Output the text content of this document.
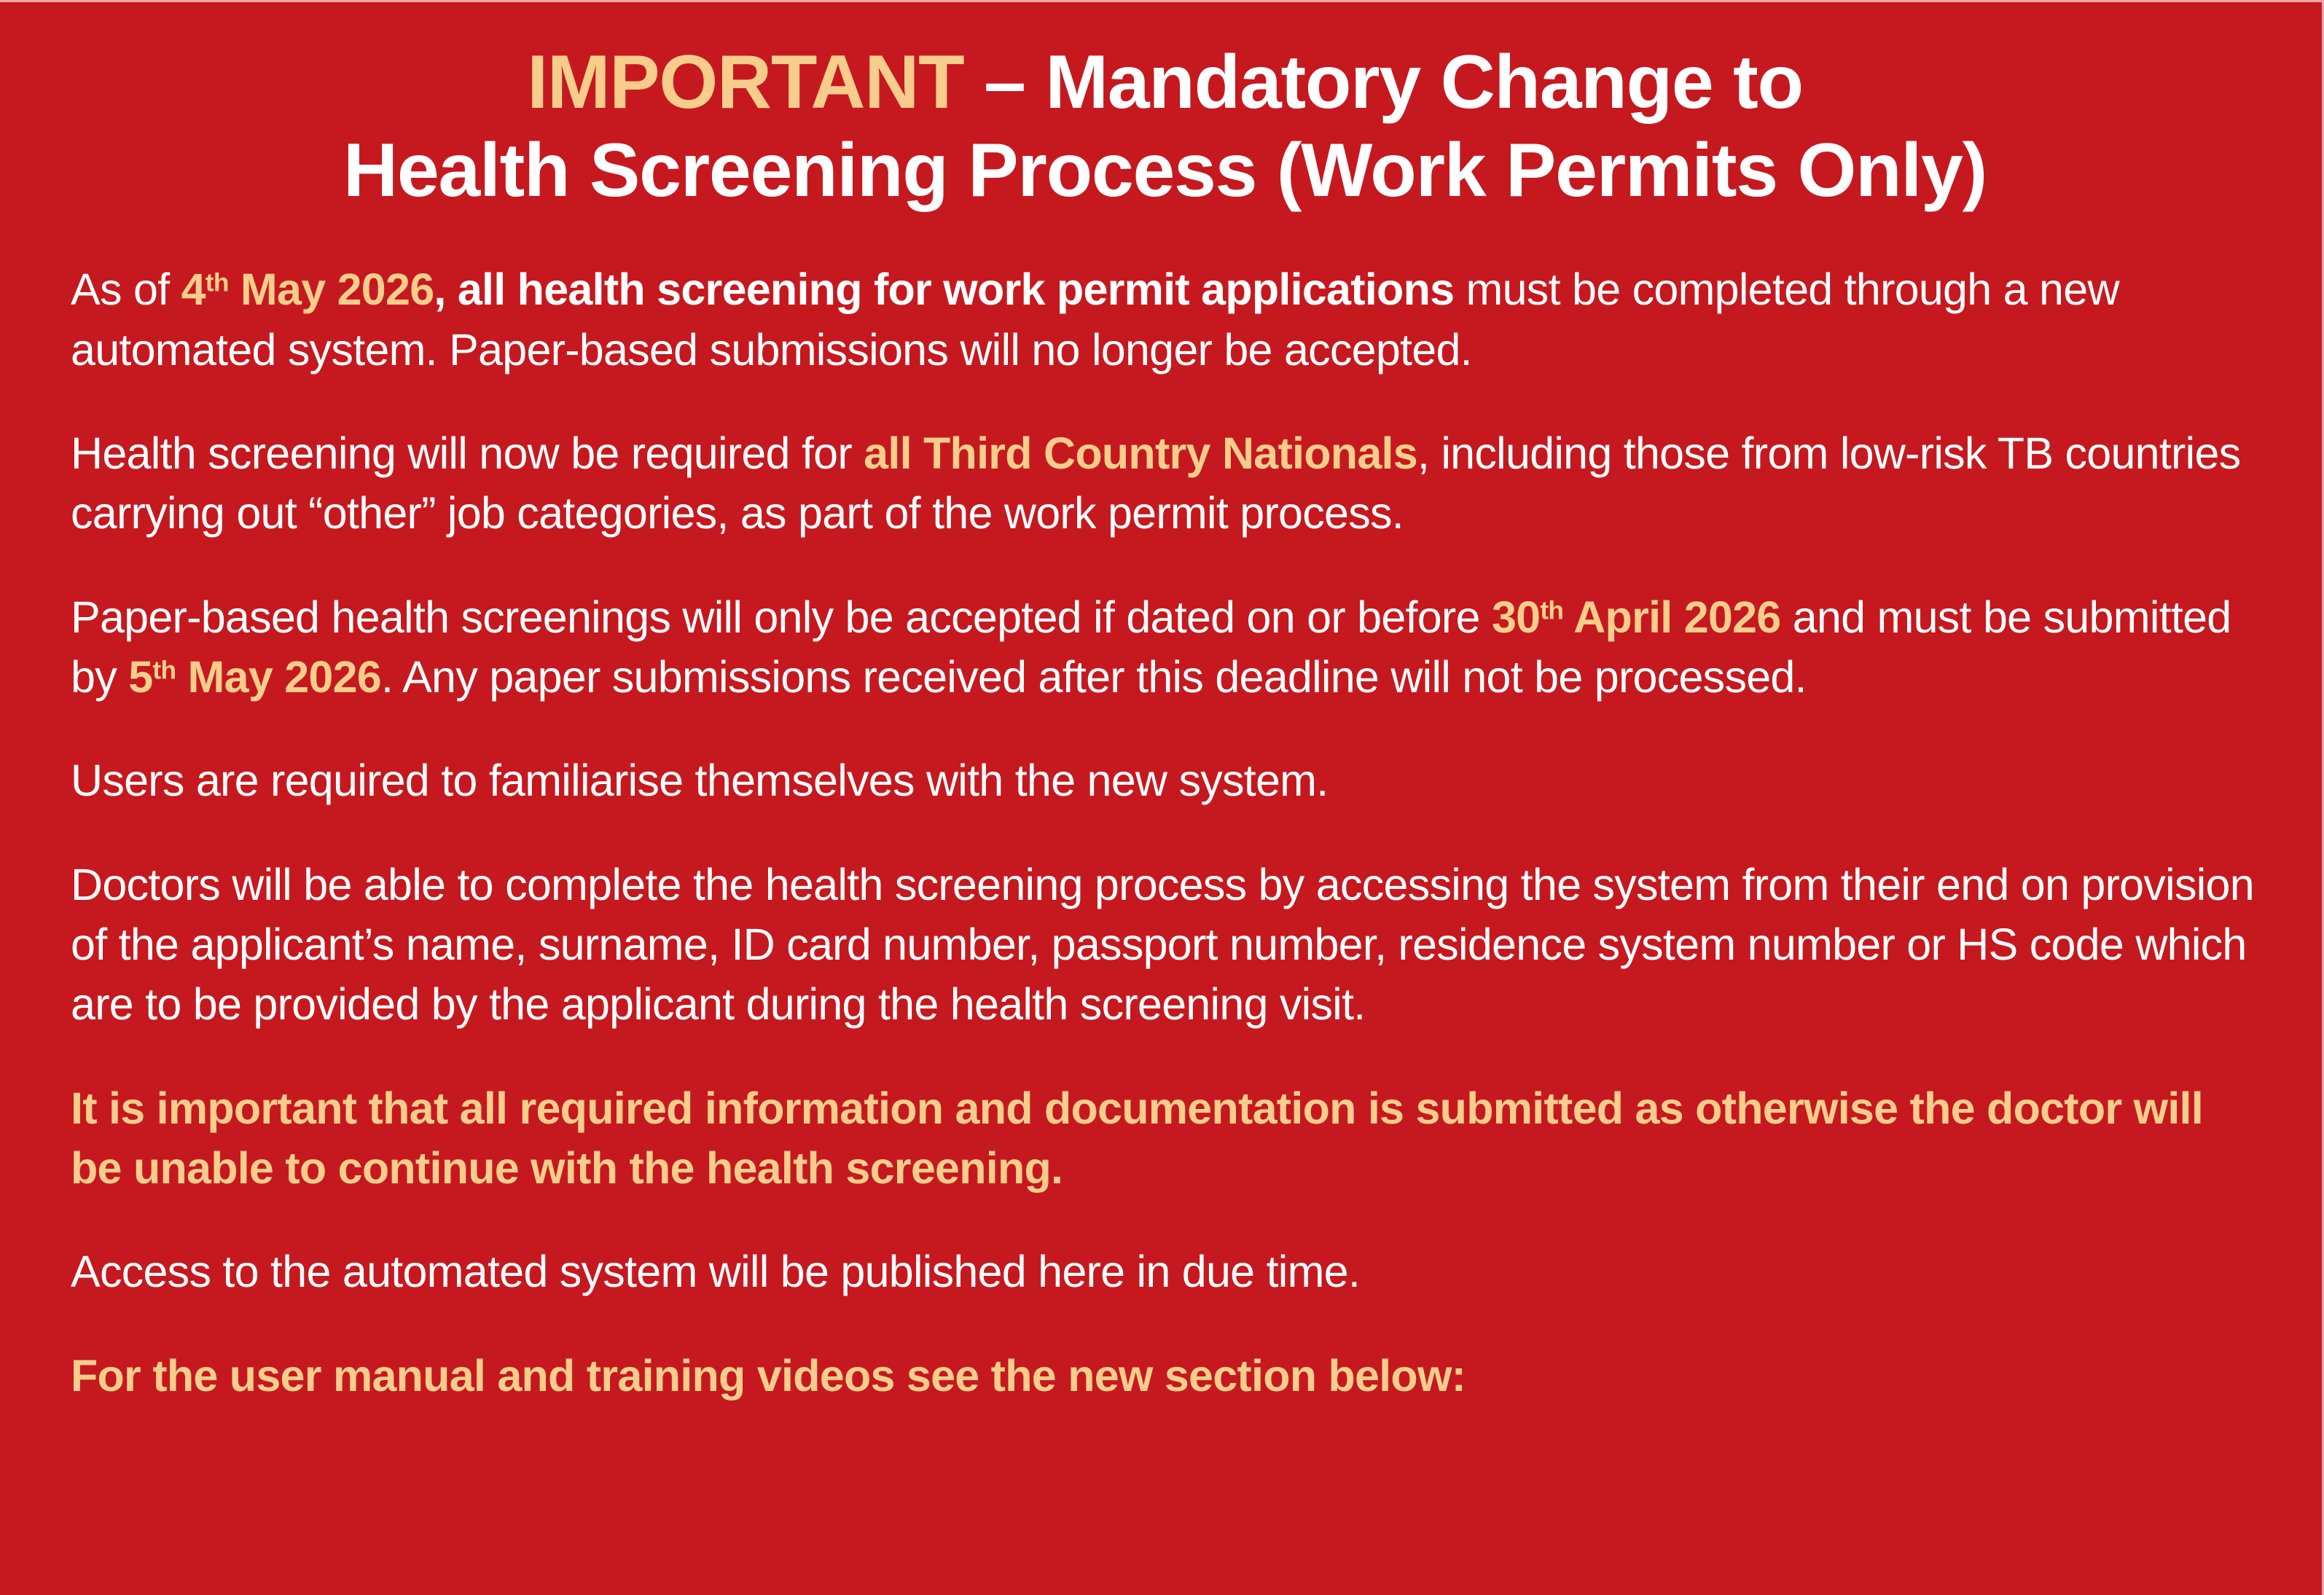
IMPORTANT – Mandatory Change to
Health Screening Process (Work Permits Only)

As of 4th May 2026, all health screening for work permit applications must be completed through a new automated system. Paper-based submissions will no longer be accepted.

Health screening will now be required for all Third Country Nationals, including those from low-risk TB countries carrying out “other” job categories, as part of the work permit process.

Paper-based health screenings will only be accepted if dated on or before 30th April 2026 and must be submitted by 5th May 2026. Any paper submissions received after this deadline will not be processed.

Users are required to familiarise themselves with the new system.

Doctors will be able to complete the health screening process by accessing the system from their end on provision of the applicant’s name, surname, ID card number, passport number, residence system number or HS code which are to be provided by the applicant during the health screening visit.

It is important that all required information and documentation is submitted as otherwise the doctor will be unable to continue with the health screening.

Access to the automated system will be published here in due time.

For the user manual and training videos see the new section below:
